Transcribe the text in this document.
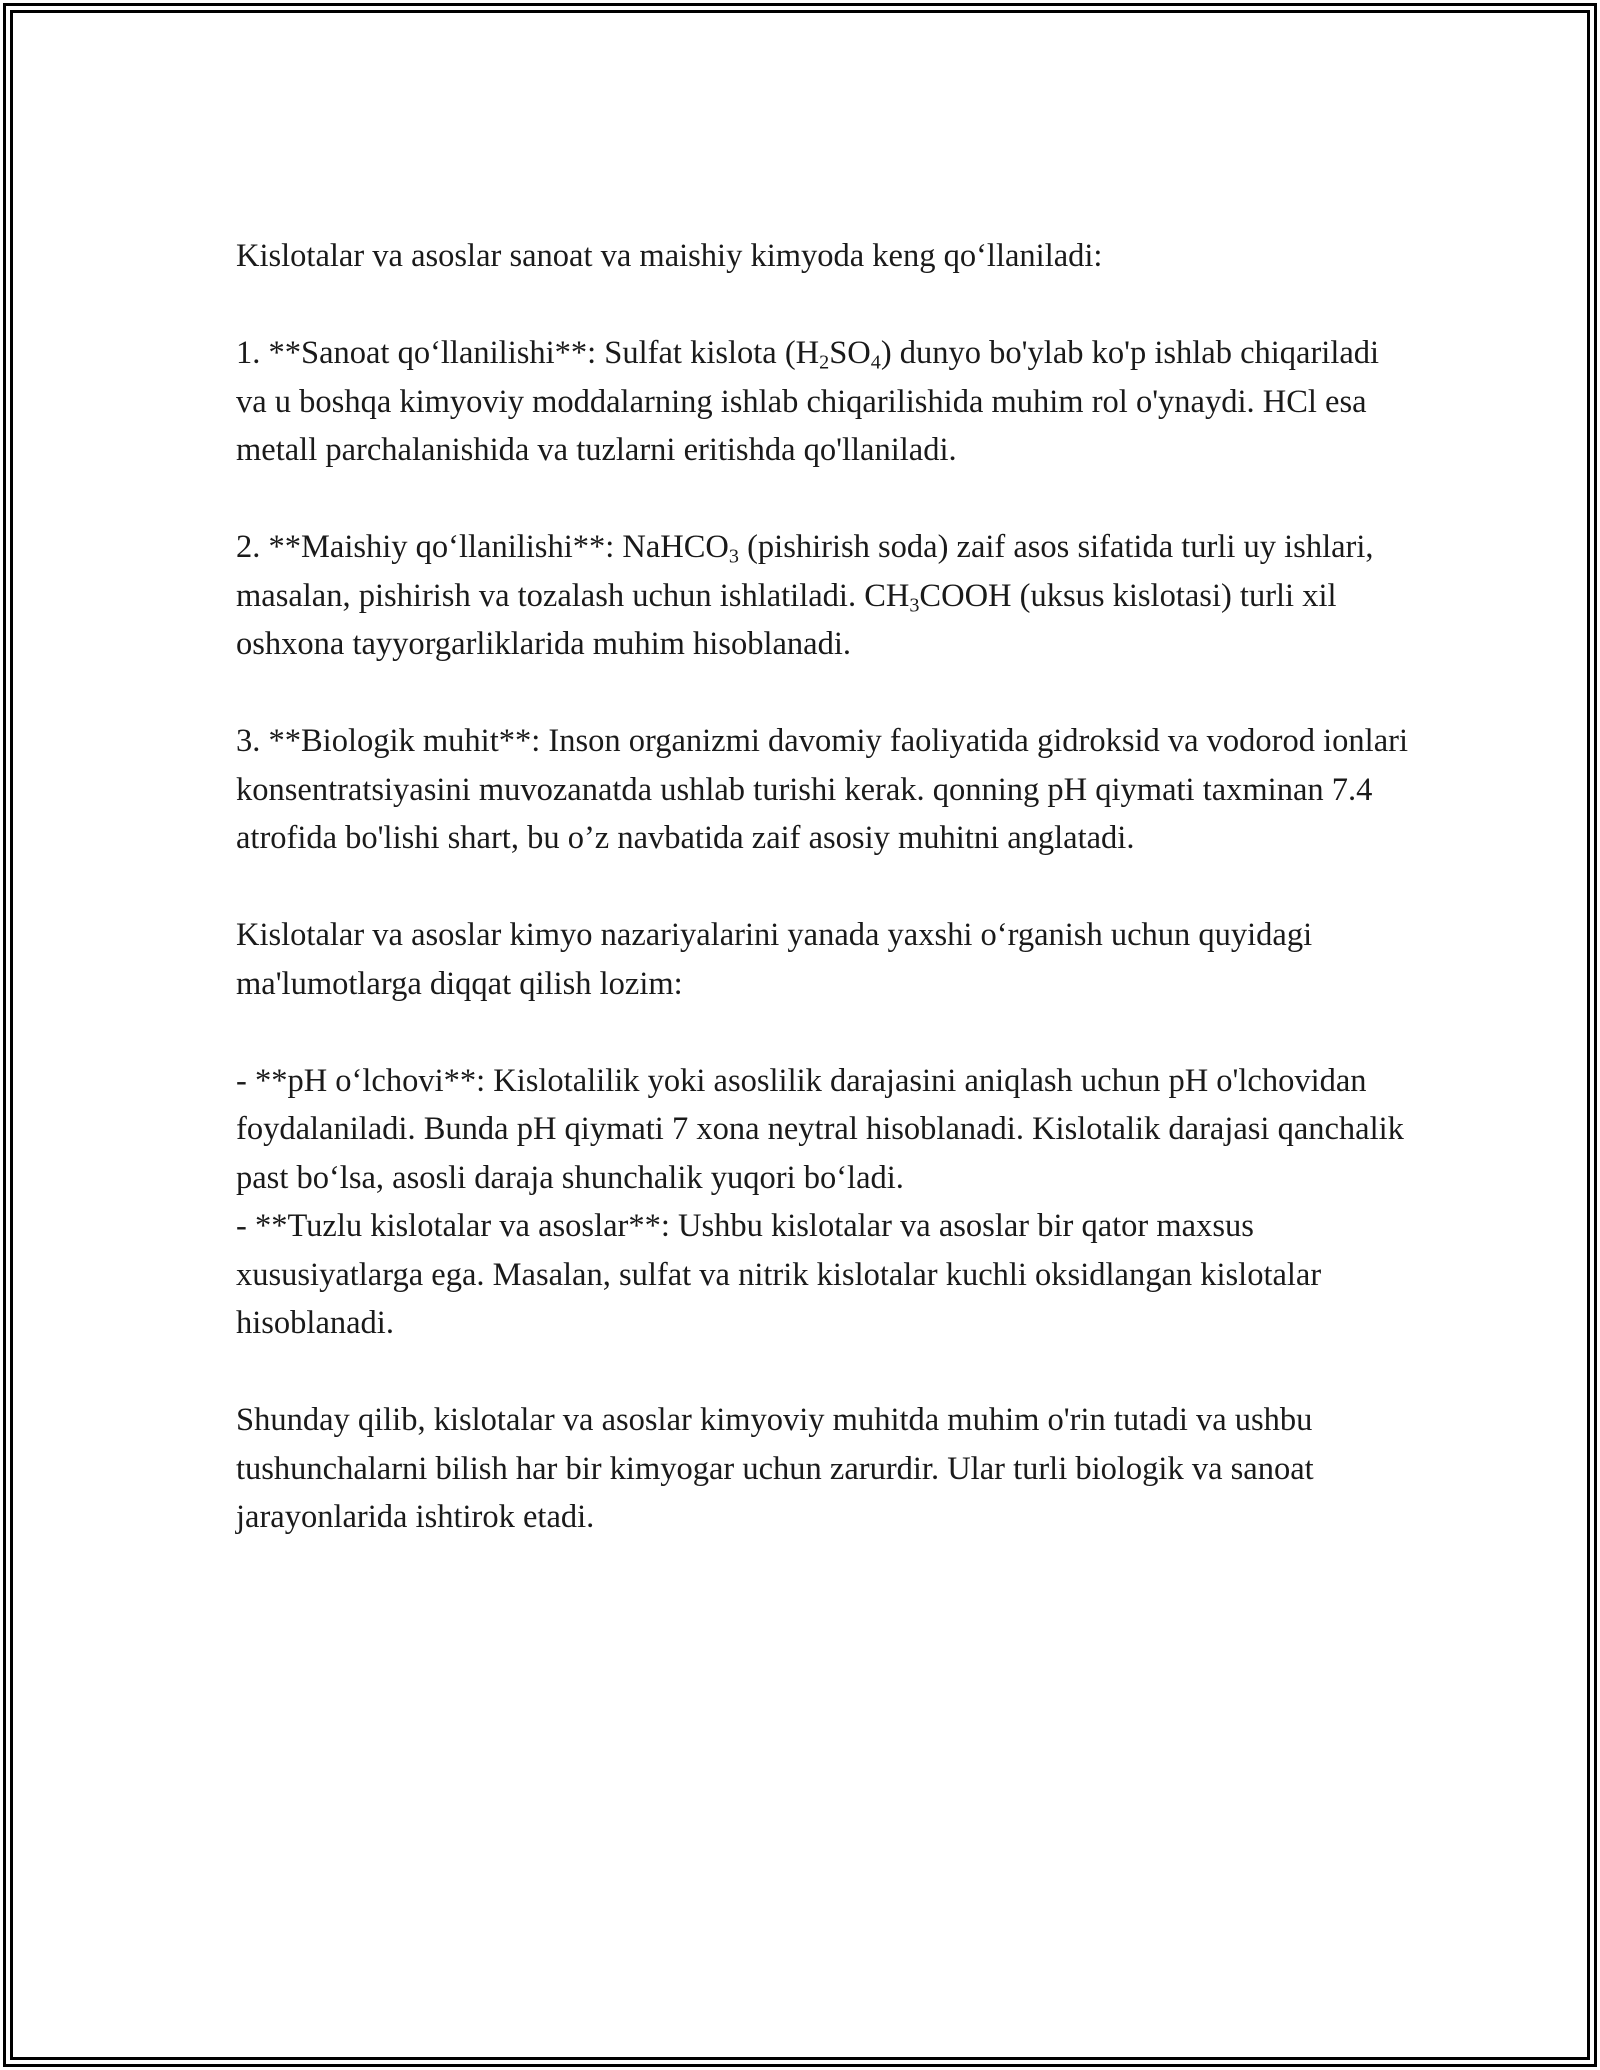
Kislotalar va asoslar sanoat va maishiy kimyoda keng qo‘llaniladi:

1. **Sanoat qo‘llanilishi**: Sulfat kislota $(H_2SO_4)$ dunyo bo'ylab ko'p ishlab chiqariladi va u boshqa kimyoviy moddalarning ishlab chiqarilishida muhim rol o'ynaydi. HCl esa metall parchalanishida va tuzlarni eritishda qo'llaniladi.

2. **Maishiy qo‘llanilishi**: NaHCO$_3$ (pishirish soda) zaif asos sifatida turli uy ishlari, masalan, pishirish va tozalash uchun ishlatiladi. $CH_3COOH$ (uksus kislotasi) turli xil oshxona tayyorgarliklarida muhim hisoblanadi.

3. **Biologik muhit**: Inson organizmi davomiy faoliyatida gidroksid va vodorod ionlari konsentratsiyasini muvozanatda ushlab turishi kerak. qonning pH qiymati taxminan 7.4 atrofida bo'lishi shart, bu o’z navbatida zaif asosiy muhitni anglatadi.

Kislotalar va asoslar kimyo nazariyalarini yanada yaxshi o‘rganish uchun quyidagi ma'lumotlarga diqqat qilish lozim:

- **pH o‘lchovi**: Kislotalilik yoki asoslilik darajasini aniqlash uchun pH o'lchovidan foydalaniladi. Bunda pH qiymati 7 xona neytral hisoblanadi. Kislotalik darajasi qanchalik past bo‘lsa, asosli daraja shunchalik yuqori bo‘ladi.

- **Tuzlu kislotalar va asoslar**: Ushbu kislotalar va asoslar bir qator maxsus xususiyatlarga ega. Masalan, sulfat va nitrik kislotalar kuchli oksidlangan kislotalar hisoblanadi.

Shunday qilib, kislotalar va asoslar kimyoviy muhitda muhim o'rin tutadi va ushbu tushunchalarni bilish har bir kimyogar uchun zarurdir. Ular turli biologik va sanoat jarayonlarida ishtirok etadi.
